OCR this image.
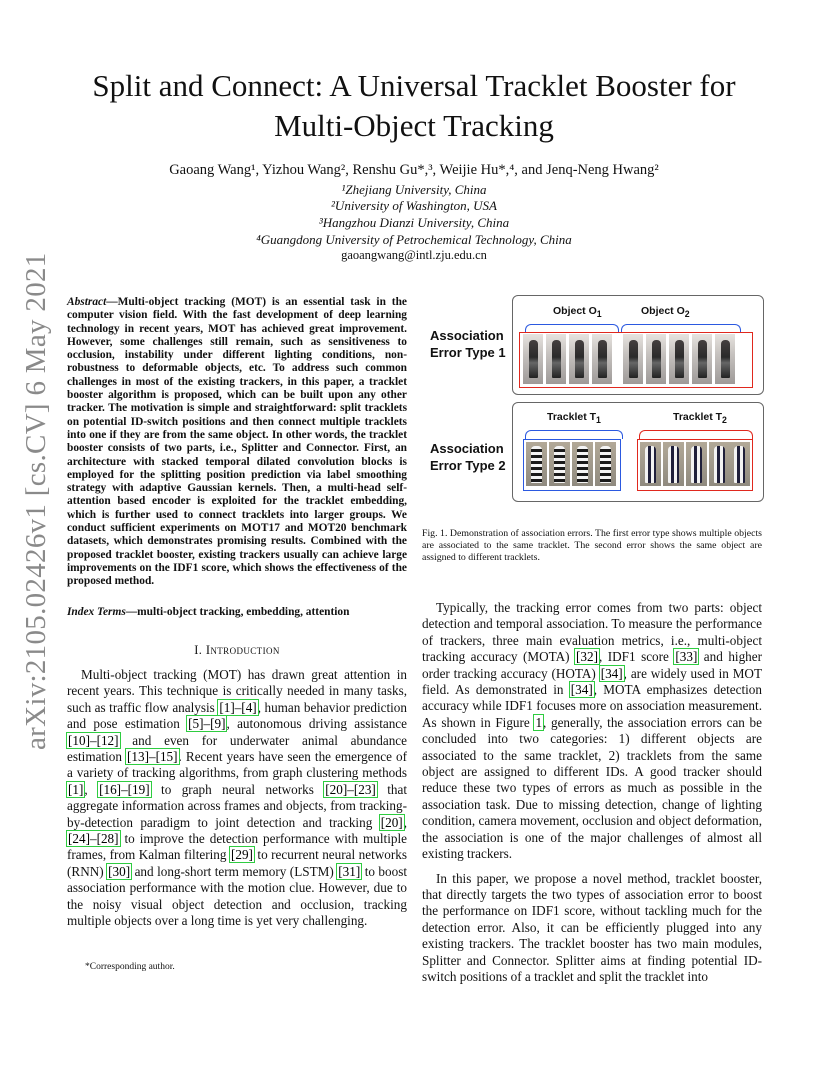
Split and Connect: A Universal Tracklet Booster for
Multi-Object Tracking
Gaoang Wang¹, Yizhou Wang², Renshu Gu*,³, Weijie Hu*,⁴, and Jenq-Neng Hwang²
¹Zhejiang University, China
²University of Washington, USA
³Hangzhou Dianzi University, China
⁴Guangdong University of Petrochemical Technology, China
gaoangwang@intl.zju.edu.cn
arXiv:2105.02426v1 [cs.CV] 6 May 2021 Abstract—Multi-object tracking (MOT) is an essential task in the computer vision field. With the fast development of deep learning technology in recent years, MOT has achieved great improvement. However, some challenges still remain, such as sensitiveness to occlusion, instability under different lighting conditions, non-robustness to deformable objects, etc. To address such common challenges in most of the existing trackers, in this paper, a tracklet booster algorithm is proposed, which can be built upon any other tracker. The motivation is simple and straightforward: split tracklets on potential ID-switch positions and then connect multiple tracklets into one if they are from the same object. In other words, the tracklet booster consists of two parts, i.e., Splitter and Connector. First, an architecture with stacked temporal dilated convolution blocks is employed for the splitting position prediction via label smoothing strategy with adaptive Gaussian kernels. Then, a multi-head self-attention based encoder is exploited for the tracklet embedding, which is further used to connect tracklets into larger groups. We conduct sufficient experiments on MOT17 and MOT20 benchmark datasets, which demonstrates promising results. Combined with the proposed tracklet booster, existing trackers usually can achieve large improvements on the IDF1 score, which shows the effectiveness of the proposed method.
Index Terms—multi-object tracking, embedding, attention
I. Introduction

Multi-object tracking (MOT) has drawn great attention in recent years. This technique is critically needed in many tasks, such as traffic flow analysis [1]–[4], human behavior prediction and pose estimation [5]–[9], autonomous driving assistance [10]–[12] and even for underwater animal abundance estimation [13]–[15]. Recent years have seen the emergence of a variety of tracking algorithms, from graph clustering methods [1], [16]–[19] to graph neural networks [20]–[23] that aggregate information across frames and objects, from tracking-by-detection paradigm to joint detection and tracking [20], [24]–[28] to improve the detection performance with multiple frames, from Kalman filtering [29] to recurrent neural networks (RNN) [30] and long-short term memory (LSTM) [31] to boost association performance with the motion clue. However, due to the noisy visual object detection and occlusion, tracking multiple objects over a long time is yet very challenging.

*Corresponding author.
Association
Error Type 1
Object $O_1$	Object $O_2$
Association
Error Type 2
Tracklet $T_1$	Tracklet $T_2$
Fig. 1. Demonstration of association errors. The first error type shows multiple objects are associated to the same tracklet. The second error shows the same object are assigned to different tracklets.

Typically, the tracking error comes from two parts: object detection and temporal association. To measure the performance of trackers, three main evaluation metrics, i.e., multi-object tracking accuracy (MOTA) [32], IDF1 score [33] and higher order tracking accuracy (HOTA) [34], are widely used in MOT field. As demonstrated in [34], MOTA emphasizes detection accuracy while IDF1 focuses more on association measurement. As shown in Figure 1, generally, the association errors can be concluded into two categories: 1) different objects are associated to the same tracklet, 2) tracklets from the same object are assigned to different IDs. A good tracker should reduce these two types of errors as much as possible in the association task. Due to missing detection, change of lighting condition, camera movement, occlusion and object deformation, the association is one of the major challenges of almost all existing trackers.

In this paper, we propose a novel method, tracklet booster, that directly targets the two types of association error to boost the performance on IDF1 score, without tackling much for the detection error. Also, it can be efficiently plugged into any existing trackers. The tracklet booster has two main modules, Splitter and Connector. Splitter aims at finding potential ID-switch positions of a tracklet and split the tracklet into
